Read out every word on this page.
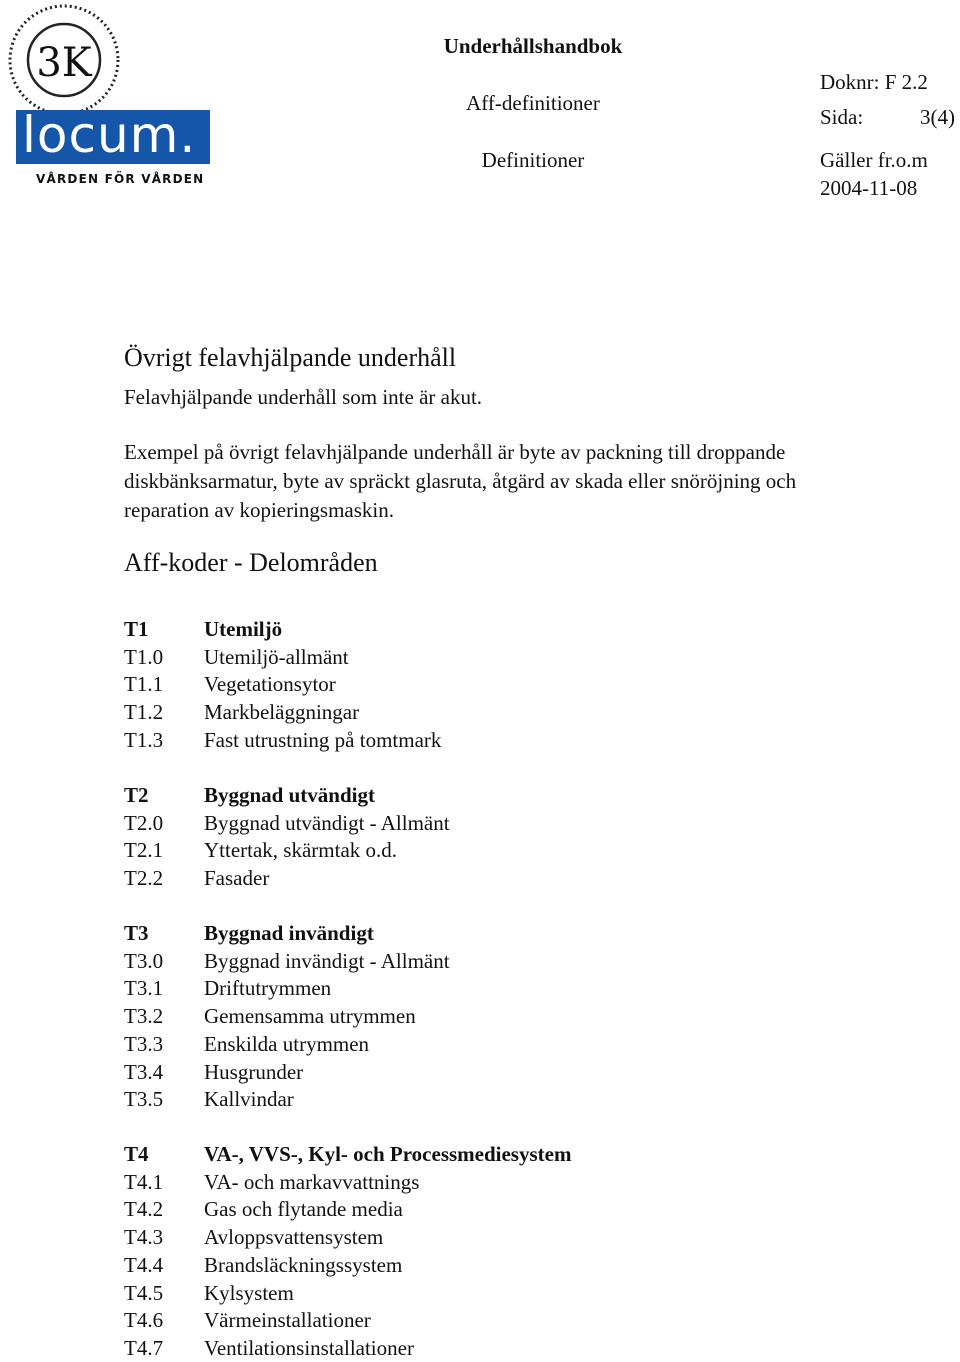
3K
locum.
VÅRDEN FÖR VÅRDEN
Underhållshandbok
Aff-definitioner
Definitioner
Doknr: F 2.2
Sida:	3(4)
Gäller fr.o.m
2004-11-08
Övrigt felavhjälpande underhåll
Felavhjälpande underhåll som inte är akut.
Exempel på övrigt felavhjälpande underhåll är byte av packning till droppande diskbänksarmatur, byte av spräckt glasruta, åtgärd av skada eller snöröjning och reparation av kopieringsmaskin.
Aff-koder - Delområden
T1	Utemiljö
T1.0 Utemiljö-allmänt
T1.1 Vegetationsytor
T1.2 Markbeläggningar
T1.3 Fast utrustning på tomtmark
T2	Byggnad utvändigt
T2.0 Byggnad utvändigt - Allmänt
T2.1 Yttertak, skärmtak o.d.
T2.2 Fasader
T3	Byggnad invändigt
T3.0 Byggnad invändigt - Allmänt
T3.1 Driftutrymmen
T3.2 Gemensamma utrymmen
T3.3 Enskilda utrymmen
T3.4 Husgrunder
T3.5 Kallvindar
T4	VA-, VVS-, Kyl- och Processmediesystem
T4.1 VA- och markavvattnings
T4.2 Gas och flytande media
T4.3 Avloppsvattensystem
T4.4 Brandsläckningssystem
T4.5 Kylsystem
T4.6 Värmeinstallationer
T4.7 Ventilationsinstallationer
